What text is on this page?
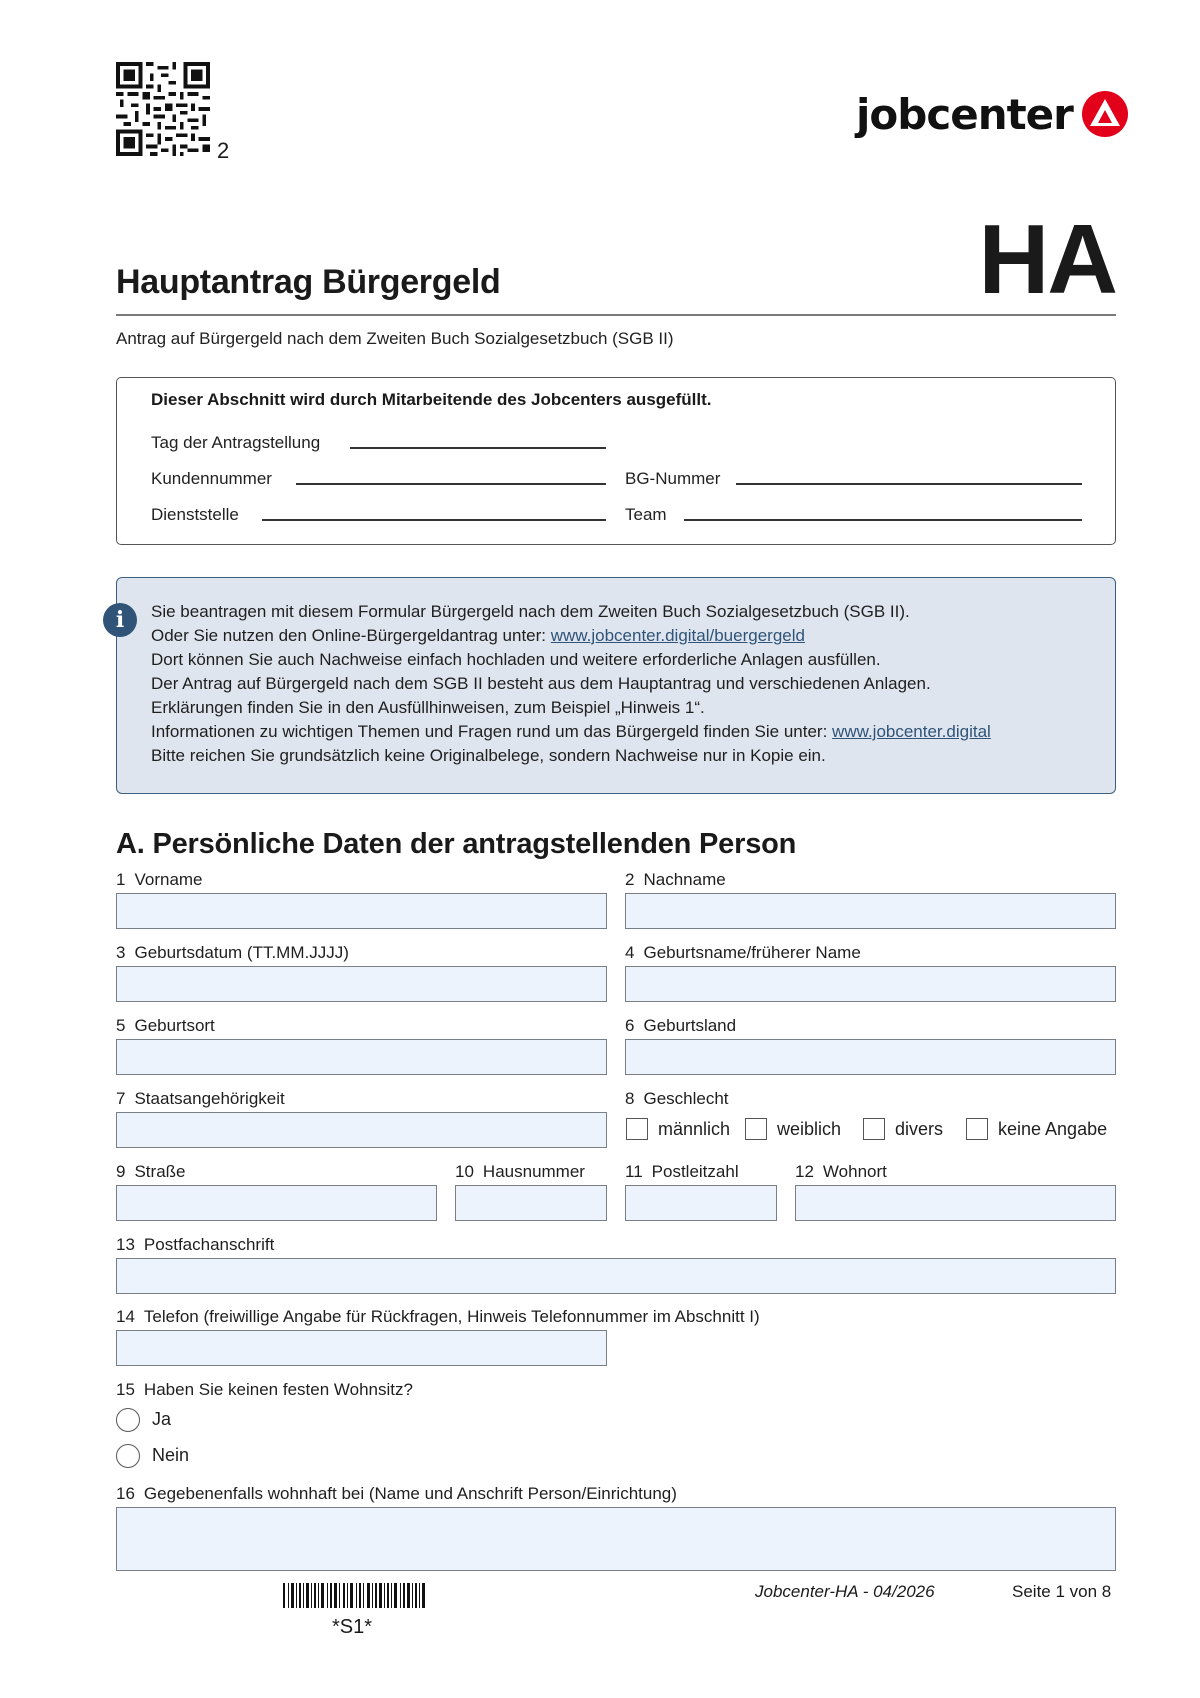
2
jobcenter
HA
Hauptantrag Bürgergeld
Antrag auf Bürgergeld nach dem Zweiten Buch Sozialgesetzbuch (SGB II)
Dieser Abschnitt wird durch Mitarbeitende des Jobcenters ausgefüllt.
Tag der Antragstellung
Kundennummer	BG-Nummer
Dienststelle	Team
i	Sie beantragen mit diesem Formular Bürgergeld nach dem Zweiten Buch Sozialgesetzbuch (SGB II).
Oder Sie nutzen den Online-Bürgergeldantrag unter: www.jobcenter.digital/buergergeld
Dort können Sie auch Nachweise einfach hochladen und weitere erforderliche Anlagen ausfüllen.
Der Antrag auf Bürgergeld nach dem SGB II besteht aus dem Hauptantrag und verschiedenen Anlagen.
Erklärungen finden Sie in den Ausfüllhinweisen, zum Beispiel „Hinweis 1“.
Informationen zu wichtigen Themen und Fragen rund um das Bürgergeld finden Sie unter: www.jobcenter.digital
Bitte reichen Sie grundsätzlich keine Originalbelege, sondern Nachweise nur in Kopie ein.
A. Persönliche Daten der antragstellenden Person
1 Vorname	2 Nachname
3 Geburtsdatum (TT.MM.JJJJ)	4 Geburtsname/früherer Name
5 Geburtsort	6 Geburtsland
7 Staatsangehörigkeit	8 Geschlecht
männlich	weiblich	divers	keine Angabe
9 Straße	10 Hausnummer 11 Postleitzahl	12 Wohnort
13 Postfachanschrift
14 Telefon (freiwillige Angabe für Rückfragen, Hinweis Telefonnummer im Abschnitt I)
15 Haben Sie keinen festen Wohnsitz?
Ja
Nein
16 Gegebenenfalls wohnhaft bei (Name und Anschrift Person/Einrichtung)
*S1*
Jobcenter-HA - 04/2026	Seite 1 von 8
